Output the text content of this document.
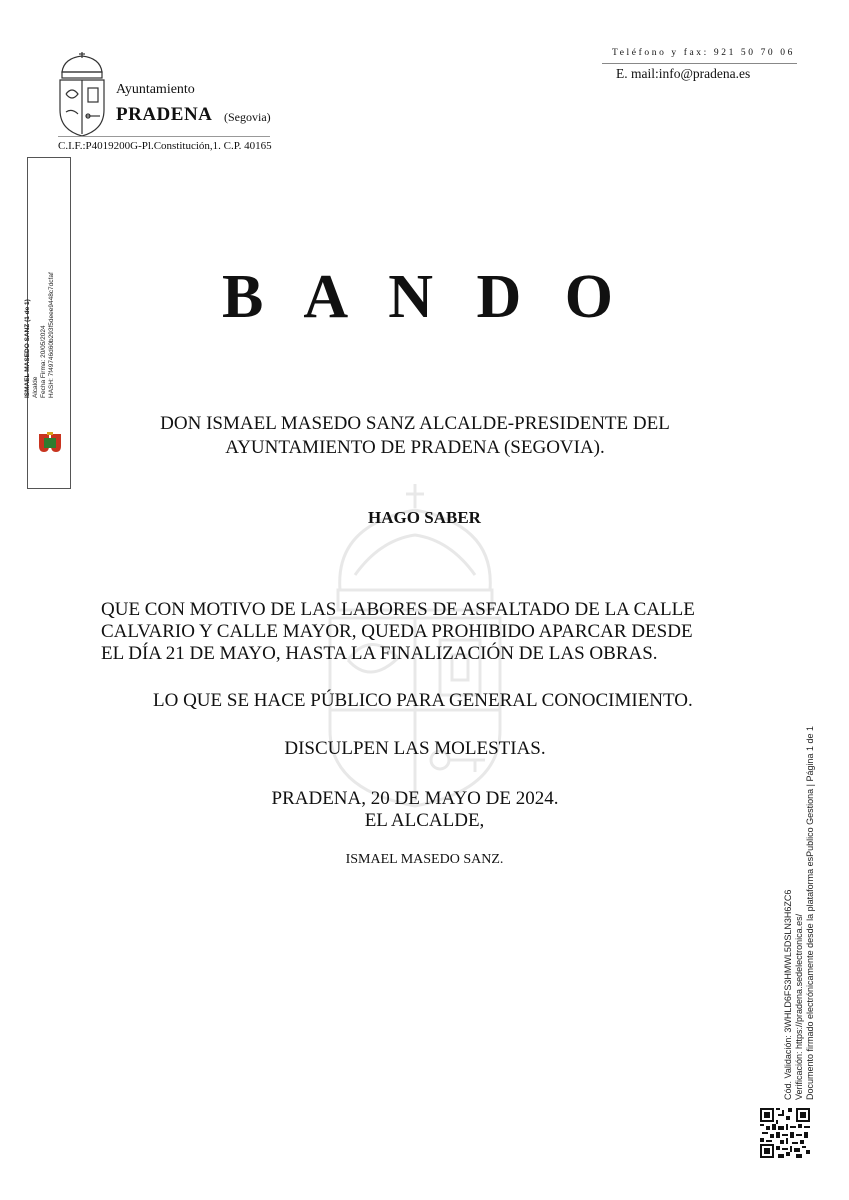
Ayuntamiento
PRADENA (Segovia)
C.I.F.:P4019200G-Pl.Constitución,1. C.P. 40165
Teléfono y fax: 921 50 70 06
E. mail:info@pradena.es
ISMAEL MASEDO SANZ (1 de 1) Alcalde Fecha Firma: 20/05/2024 HASH: 7f49746d60b293f5deee9448c7dcfaf	B A N D O
DON ISMAEL MASEDO SANZ ALCALDE-PRESIDENTE DEL
AYUNTAMIENTO DE PRADENA (SEGOVIA).
HAGO SABER

QUE CON MOTIVO DE LAS LABORES DE ASFALTADO DE LA CALLE

CALVARIO Y CALLE MAYOR, QUEDA PROHIBIDO APARCAR DESDE

EL DÍA 21 DE MAYO, HASTA LA FINALIZACIÓN DE LAS OBRAS.

LO QUE SE HACE PÚBLICO PARA GENERAL CONOCIMIENTO.
DISCULPEN LAS MOLESTIAS.
PRADENA, 20 DE MAYO DE 2024.
EL ALCALDE,
ISMAEL MASEDO SANZ.
Cód. Validación: 3WHLD6FS3HMWL5DSLN3H6ZC6 Verificación: https://pradena.sedelectronica.es/ Documento firmado electrónicamente desde la plataforma esPublico Gestiona | Página 1 de 1
